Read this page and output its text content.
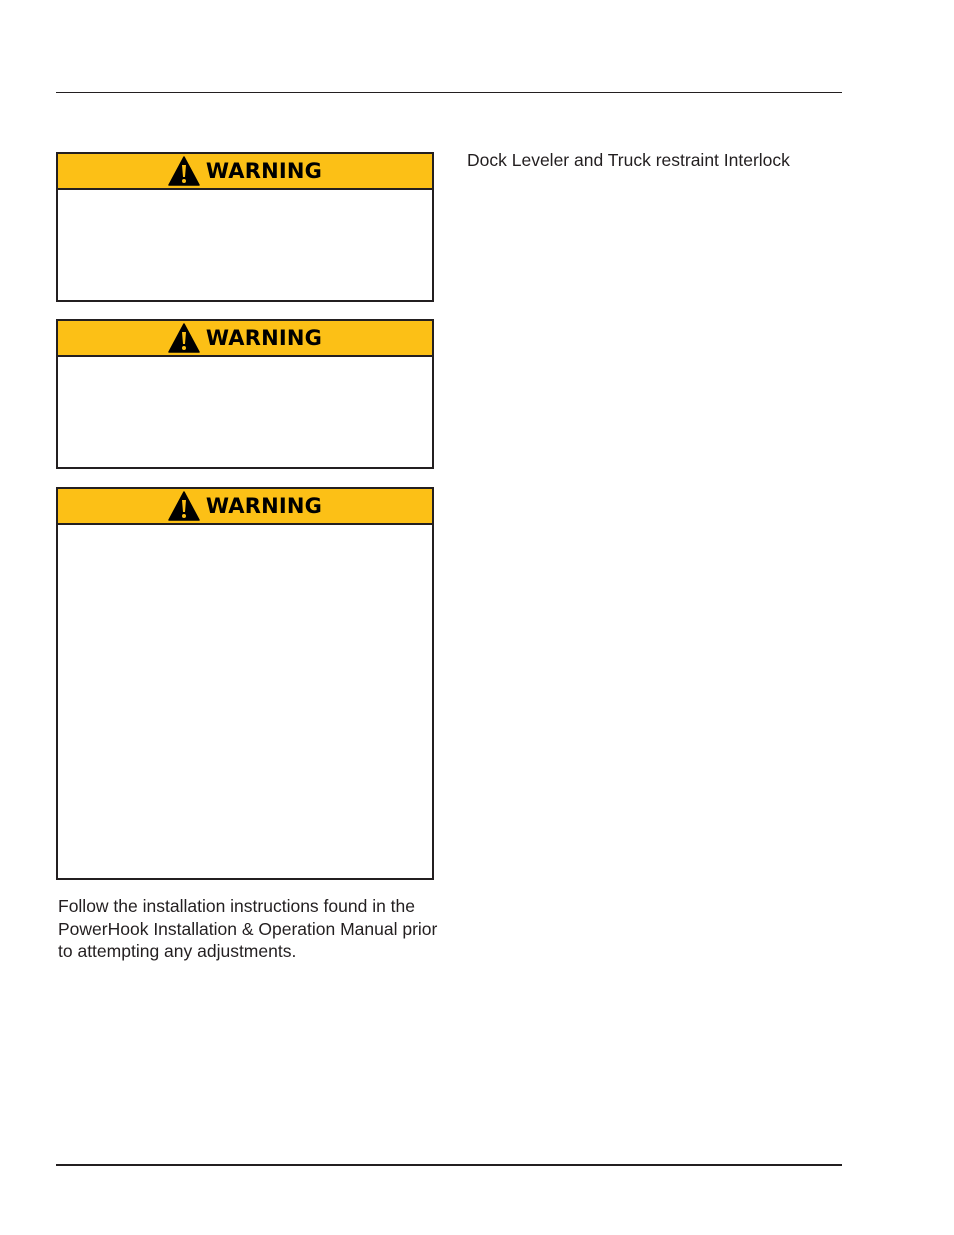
WARNING
WARNING
WARNING

Follow the installation instructions found in the PowerHook Installation & Operation Manual prior to attempting any adjustments.

Dock Leveler and Truck restraint Interlock
